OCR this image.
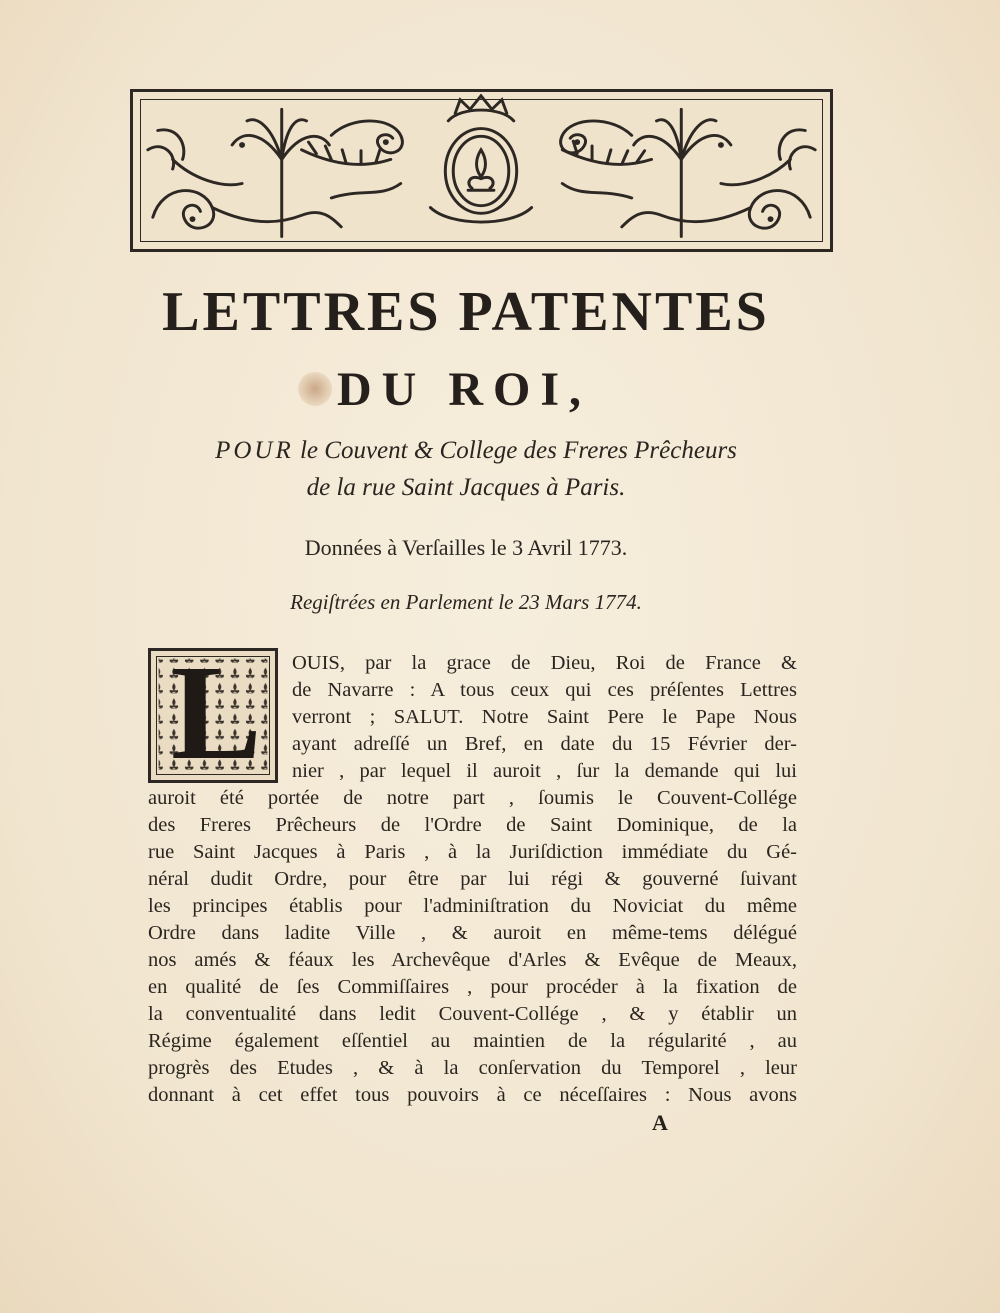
LETTRES PATENTES
DU ROI,

POUR le Couvent & College des Freres Prêcheurs

de la rue Saint Jacques à Paris.

Données à Verſailles le 3 Avril 1773.

Regiſtrées en Parlement le 23 Mars 1774.

L OUIS, par la grace de Dieu, Roi de France &
de Navarre : A tous ceux qui ces préſentes Lettres
verront ; SALUT. Notre Saint Pere le Pape Nous
ayant adreſſé un Bref, en date du 15 Février der-
nier , par lequel il auroit , ſur la demande qui lui
auroit été portée de notre part , ſoumis le Couvent-Collége
des Freres Prêcheurs de l'Ordre de Saint Dominique, de la
rue Saint Jacques à Paris , à la Juriſdiction immédiate du Gé-
néral dudit Ordre, pour être par lui régi & gouverné ſuivant
les principes établis pour l'adminiſtration du Noviciat du même
Ordre dans ladite Ville , & auroit en même-tems délégué
nos amés & féaux les Archevêque d'Arles & Evêque de Meaux,
en qualité de ſes Commiſſaires , pour procéder à la fixation de
la conventualité dans ledit Couvent-Collége , & y établir un
Régime également eſſentiel au maintien de la régularité , au
progrès des Etudes , & à la conſervation du Temporel , leur
donnant à cet effet tous pouvoirs à ce néceſſaires : Nous avons
A
